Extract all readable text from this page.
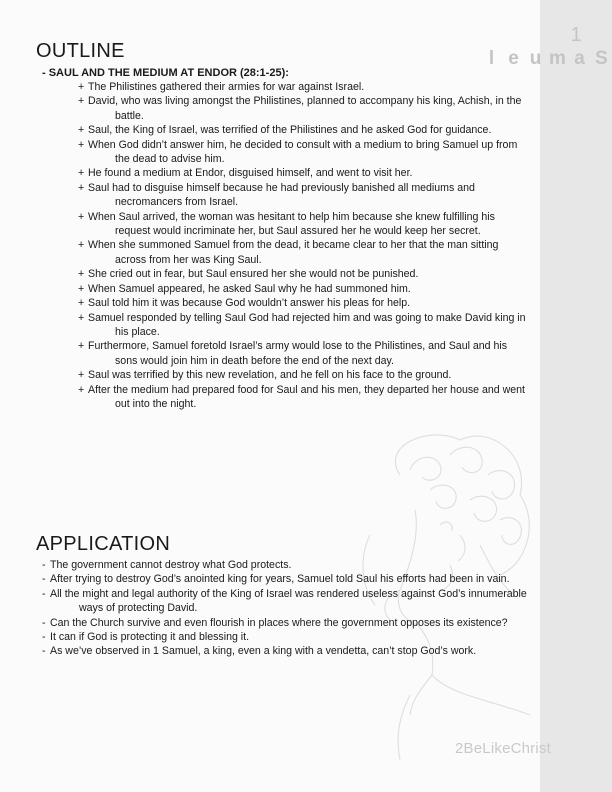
1
S
a
m
u
e
l
OUTLINE
- SAUL AND THE MEDIUM AT ENDOR (28:1-25):
+ The Philistines gathered their armies for war against Israel.
+ David, who was living amongst the Philistines, planned to accompany his king, Achish, in the battle.
+ Saul, the King of Israel, was terrified of the Philistines and he asked God for guidance.
+ When God didn’t answer him, he decided to consult with a medium to bring Samuel up from the dead to advise him.
+ He found a medium at Endor, disguised himself, and went to visit her.
+ Saul had to disguise himself because he had previously banished all mediums and necromancers from Israel.
+ When Saul arrived, the woman was hesitant to help him because she knew fulfilling his request would incriminate her, but Saul assured her he would keep her secret.
+ When she summoned Samuel from the dead, it became clear to her that the man sitting across from her was King Saul.
+ She cried out in fear, but Saul ensured her she would not be punished.
+ When Samuel appeared, he asked Saul why he had summoned him.
+ Saul told him it was because God wouldn’t answer his pleas for help.
+ Samuel responded by telling Saul God had rejected him and was going to make David king in his place.
+ Furthermore, Samuel foretold Israel’s army would lose to the Philistines, and Saul and his sons would join him in death before the end of the next day.
+ Saul was terrified by this new revelation, and he fell on his face to the ground.
+ After the medium had prepared food for Saul and his men, they departed her house and went out into the night.
APPLICATION
- The government cannot destroy what God protects.
- After trying to destroy God’s anointed king for years, Samuel told Saul his efforts had been in vain.
- All the might and legal authority of the King of Israel was rendered useless against God’s innumerable ways of protecting David.
- Can the Church survive and even flourish in places where the government opposes its existence?
- It can if God is protecting it and blessing it.
- As we’ve observed in 1 Samuel, a king, even a king with a vendetta, can’t stop God’s work.
2BeLikeChrist
